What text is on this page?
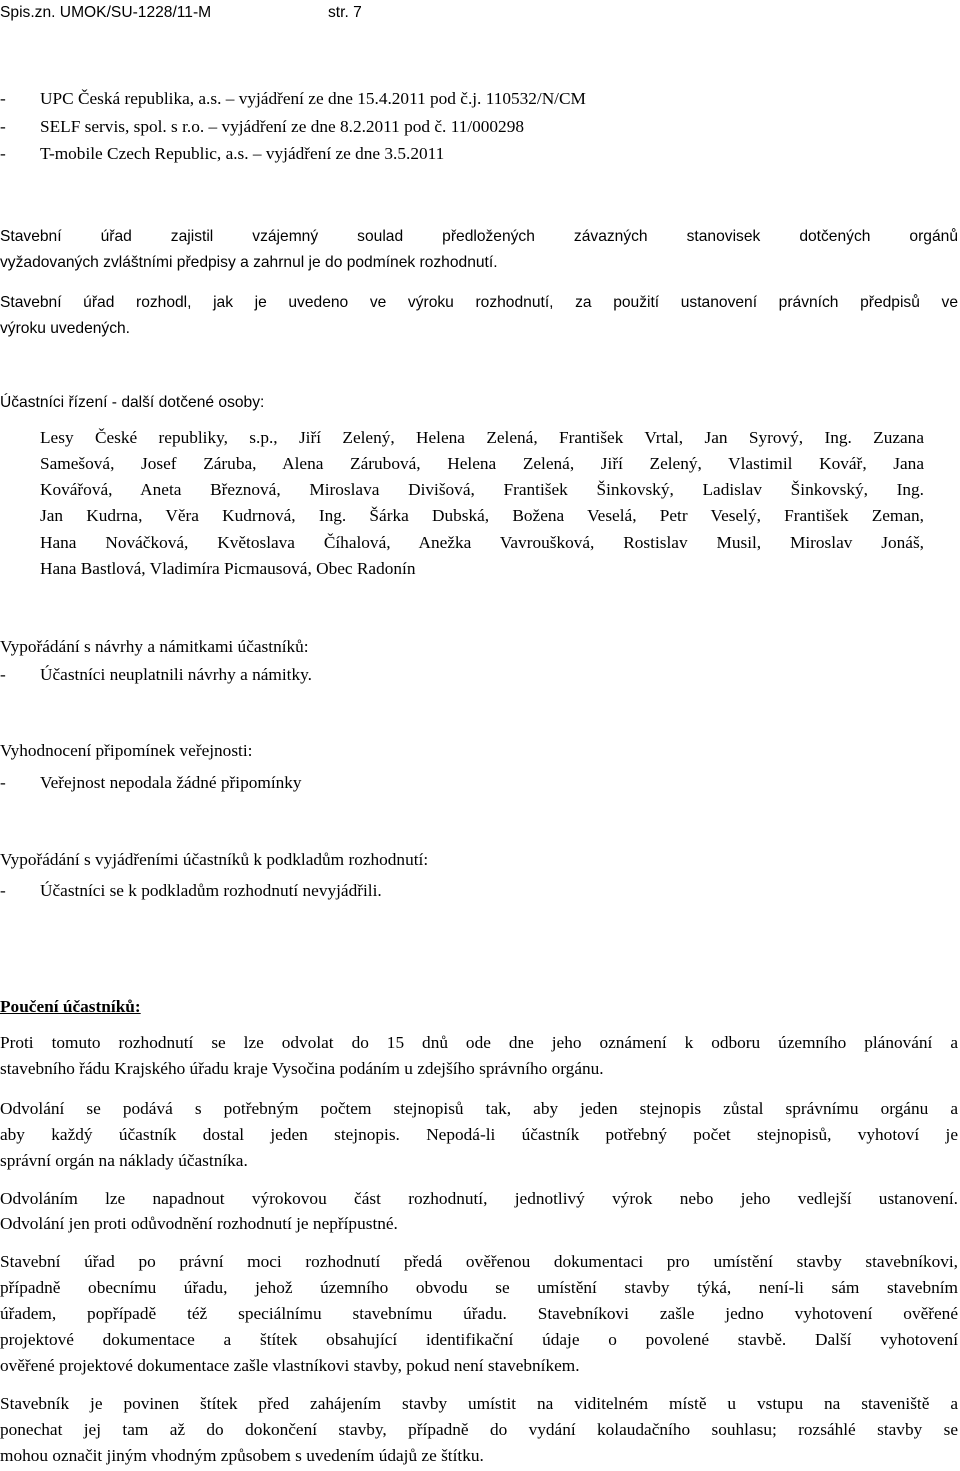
Spis.zn. UMOK/SU-1228/11-M	str. 7
- UPC Česká republika, a.s. – vyjádření ze dne 15.4.2011 pod č.j. 110532/N/CM
- SELF servis, spol. s r.o. – vyjádření ze dne 8.2.2011 pod č. 11/000298
- T-mobile Czech Republic, a.s. – vyjádření ze dne 3.5.2011
Stavební úřad zajistil vzájemný soulad předložených závazných stanovisek dotčených orgánů
vyžadovaných zvláštními předpisy a zahrnul je do podmínek rozhodnutí.
Stavební úřad rozhodl, jak je uvedeno ve výroku rozhodnutí, za použití ustanovení právních předpisů ve
výroku uvedených.
Účastníci řízení - další dotčené osoby:
Lesy České republiky, s.p., Jiří Zelený, Helena Zelená, František Vrtal, Jan Syrový, Ing. Zuzana
Samešová, Josef Záruba, Alena Zárubová, Helena Zelená, Jiří Zelený, Vlastimil Kovář, Jana
Kovářová, Aneta Březnová, Miroslava Divišová, František Šinkovský, Ladislav Šinkovský, Ing.
Jan Kudrna, Věra Kudrnová, Ing. Šárka Dubská, Božena Veselá, Petr Veselý, František Zeman,
Hana Nováčková, Květoslava Číhalová, Anežka Vavroušková, Rostislav Musil, Miroslav Jonáš,
Hana Bastlová, Vladimíra Picmausová, Obec Radonín
Vypořádání s návrhy a námitkami účastníků:
- Účastníci neuplatnili návrhy a námitky.
Vyhodnocení připomínek veřejnosti:
- Veřejnost nepodala žádné připomínky
Vypořádání s vyjádřeními účastníků k podkladům rozhodnutí:
- Účastníci se k podkladům rozhodnutí nevyjádřili.
Poučení účastníků:
Proti tomuto rozhodnutí se lze odvolat do 15 dnů ode dne jeho oznámení k odboru územního plánování a
stavebního řádu Krajského úřadu kraje Vysočina podáním u zdejšího správního orgánu.
Odvolání se podává s potřebným počtem stejnopisů tak, aby jeden stejnopis zůstal správnímu orgánu a
aby každý účastník dostal jeden stejnopis. Nepodá-li účastník potřebný počet stejnopisů, vyhotoví je
správní orgán na náklady účastníka.
Odvoláním lze napadnout výrokovou část rozhodnutí, jednotlivý výrok nebo jeho vedlejší ustanovení.
Odvolání jen proti odůvodnění rozhodnutí je nepřípustné.
Stavební úřad po právní moci rozhodnutí předá ověřenou dokumentaci pro umístění stavby stavebníkovi,
případně obecnímu úřadu, jehož územního obvodu se umístění stavby týká, není-li sám stavebním
úřadem, popřípadě též speciálnímu stavebnímu úřadu. Stavebníkovi zašle jedno vyhotovení ověřené
projektové dokumentace a štítek obsahující identifikační údaje o povolené stavbě. Další vyhotovení
ověřené projektové dokumentace zašle vlastníkovi stavby, pokud není stavebníkem.
Stavebník je povinen štítek před zahájením stavby umístit na viditelném místě u vstupu na staveniště a
ponechat jej tam až do dokončení stavby, případně do vydání kolaudačního souhlasu; rozsáhlé stavby se
mohou označit jiným vhodným způsobem s uvedením údajů ze štítku.
